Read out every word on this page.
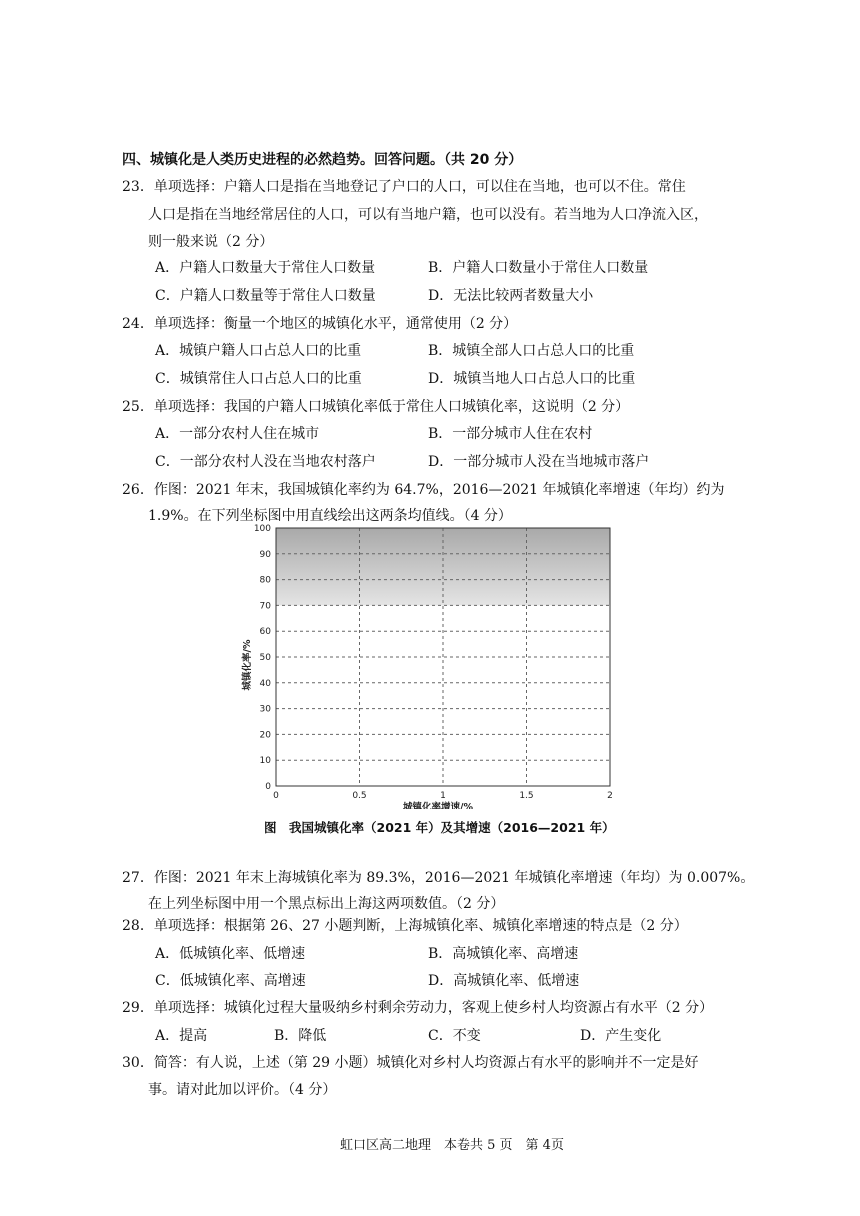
四、城镇化是人类历史进程的必然趋势。回答问题。（共 20 分）
23．单项选择：户籍人口是指在当地登记了户口的人口，可以住在当地，也可以不住。常住
人口是指在当地经常居住的人口，可以有当地户籍，也可以没有。若当地为人口净流入区，
则一般来说（2 分）
A．户籍人口数量大于常住人口数量	B．户籍人口数量小于常住人口数量
C．户籍人口数量等于常住人口数量	D．无法比较两者数量大小
24．单项选择：衡量一个地区的城镇化水平，通常使用（2 分）
A．城镇户籍人口占总人口的比重	B．城镇全部人口占总人口的比重
C．城镇常住人口占总人口的比重	D．城镇当地人口占总人口的比重
25．单项选择：我国的户籍人口城镇化率低于常住人口城镇化率，这说明（2 分）
A．一部分农村人住在城市	B．一部分城市人住在农村
C．一部分农村人没在当地农村落户	D．一部分城市人没在当地城市落户
26．作图：2021 年末，我国城镇化率约为 64.7%，2016—2021 年城镇化率增速（年均）约为
1.9%。在下列坐标图中用直线绘出这两条均值线。（4 分）
0
10
20
30
40
50
60
70
80
90
100
0	0.5	1	1.5	2
城镇化率增速/%
城镇化率/%
图　我国城镇化率（2021 年）及其增速（2016—2021 年）
27．作图：2021 年末上海城镇化率为 89.3%，2016—2021 年城镇化率增速（年均）为 0.007%。
在上列坐标图中用一个黑点标出上海这两项数值。（2 分）
28．单项选择：根据第 26、27 小题判断，上海城镇化率、城镇化率增速的特点是（2 分）
A．低城镇化率、低增速	B．高城镇化率、高增速
C．低城镇化率、高增速	D．高城镇化率、低增速
29．单项选择：城镇化过程大量吸纳乡村剩余劳动力，客观上使乡村人均资源占有水平（2 分）
A．提高	B．降低	C．不变	D．产生变化
30．简答：有人说，上述（第 29 小题）城镇化对乡村人均资源占有水平的影响并不一定是好
事。请对此加以评价。（4 分）
虹口区高二地理　本卷共 5 页　第 4页
